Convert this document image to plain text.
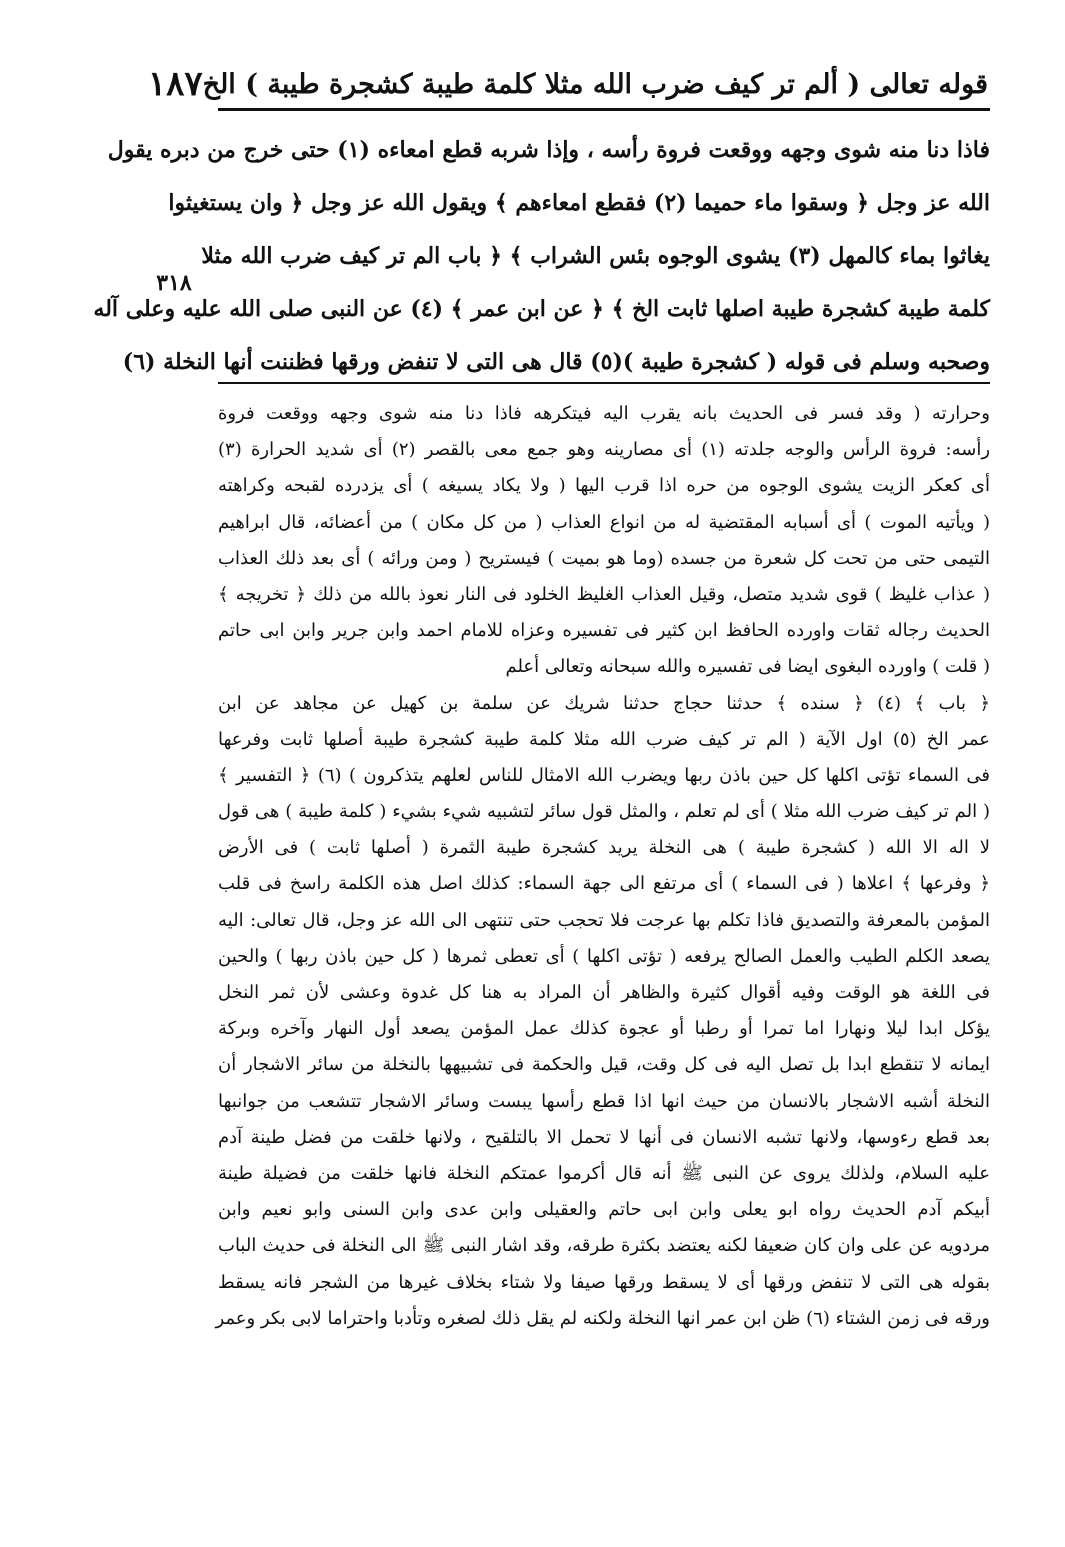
قوله تعالى ( ألم تر كيف ضرب الله مثلا كلمة طيبة كشجرة طيبة ) الخ
١٨٧
٣١٨
فاذا دنا منه شوى وجهه ووقعت فروة رأسه ، وإذا شربه قطع امعاءه (١) حتى خرج من دبره يقول
الله عز وجل ﴿ وسقوا ماء حميما (٢) فقطع امعاءهم ﴾ ويقول الله عز وجل ﴿ وان يستغيثوا
يغاثوا بماء كالمهل (٣) يشوى الوجوه بئس الشراب ﴾ ﴿ باب الم تر كيف ضرب الله مثلا
كلمة طيبة كشجرة طيبة اصلها ثابت الخ ﴾ ﴿ عن ابن عمر ﴾ (٤) عن النبى صلى الله عليه وعلى آله
وصحبه وسلم فى قوله ( كشجرة طيبة )(٥) قال هى التى لا تنفض ورقها فظننت أنها النخلة (٦)
وحرارته ( وقد فسر فى الحديث بانه يقرب اليه فيتكرهه فاذا دنا منه شوى وجهه ووقعت فروة
رأسه: فروة الرأس والوجه جلدته (١) أى مصارينه وهو جمع معى بالقصر (٢) أى شديد الحرارة (٣)
أى كعكر الزيت يشوى الوجوه من حره اذا قرب اليها ( ولا يكاد يسيغه ) أى يزدرده لقبحه وكراهته
( ويأتيه الموت ) أى أسبابه المقتضية له من انواع العذاب ( من كل مكان ) من أعضائه، قال ابراهيم
التيمى حتى من تحت كل شعرة من جسده (وما هو بميت ) فيستريح ( ومن ورائه ) أى بعد ذلك العذاب
( عذاب غليظ ) قوى شديد متصل، وقيل العذاب الغليظ الخلود فى النار نعوذ بالله من ذلك ﴿ تخريجه ﴾
الحديث رجاله ثقات واورده الحافظ ابن كثير فى تفسيره وعزاه للامام احمد وابن جرير وابن ابى حاتم
( قلت ) واورده البغوى ايضا فى تفسيره والله سبحانه وتعالى أعلم
﴿ باب ﴾ (٤) ﴿ سنده ﴾ حدثنا حجاج حدثنا شريك عن سلمة بن كهيل عن مجاهد عن ابن
عمر الخ (٥) اول الآية ( الم تر كيف ضرب الله مثلا كلمة طيبة كشجرة طيبة أصلها ثابت وفرعها
فى السماء تؤتى اكلها كل حين باذن ربها ويضرب الله الامثال للناس لعلهم يتذكرون ) (٦) ﴿ التفسير ﴾
( الم تر كيف ضرب الله مثلا ) أى لم تعلم ، والمثل قول سائر لتشبيه شيء بشيء ( كلمة طيبة ) هى قول
لا اله الا الله ( كشجرة طيبة ) هى النخلة يريد كشجرة طيبة الثمرة ( أصلها ثابت ) فى الأرض
﴿ وفرعها ﴾ اعلاها ( فى السماء ) أى مرتفع الى جهة السماء: كذلك اصل هذه الكلمة راسخ فى قلب
المؤمن بالمعرفة والتصديق فاذا تكلم بها عرجت فلا تحجب حتى تنتهى الى الله عز وجل، قال تعالى: اليه
يصعد الكلم الطيب والعمل الصالح يرفعه ( تؤتى اكلها ) أى تعطى ثمرها ( كل حين باذن ربها ) والحين
فى اللغة هو الوقت وفيه أقوال كثيرة والظاهر أن المراد به هنا كل غدوة وعشى لأن ثمر النخل
يؤكل ابدا ليلا ونهارا اما تمرا أو رطبا أو عجوة كذلك عمل المؤمن يصعد أول النهار وآخره وبركة
ايمانه لا تنقطع ابدا بل تصل اليه فى كل وقت، قيل والحكمة فى تشبيهها بالنخلة من سائر الاشجار أن
النخلة أشبه الاشجار بالانسان من حيث انها اذا قطع رأسها يبست وسائر الاشجار تتشعب من جوانبها
بعد قطع رءوسها، ولانها تشبه الانسان فى أنها لا تحمل الا بالتلقيح ، ولانها خلقت من فضل طينة آدم
عليه السلام، ولذلك يروى عن النبى ﷺ أنه قال أكرموا عمتكم النخلة فانها خلقت من فضيلة طينة
أبيكم آدم الحديث رواه ابو يعلى وابن ابى حاتم والعقيلى وابن عدى وابن السنى وابو نعيم وابن
مردويه عن على وان كان ضعيفا لكنه يعتضد بكثرة طرقه، وقد اشار النبى ﷺ الى النخلة فى حديث الباب
بقوله هى التى لا تنفض ورقها أى لا يسقط ورقها صيفا ولا شتاء بخلاف غيرها من الشجر فانه يسقط
ورقه فى زمن الشتاء (٦) ظن ابن عمر انها النخلة ولكنه لم يقل ذلك لصغره وتأدبا واحتراما لابى بكر وعمر
